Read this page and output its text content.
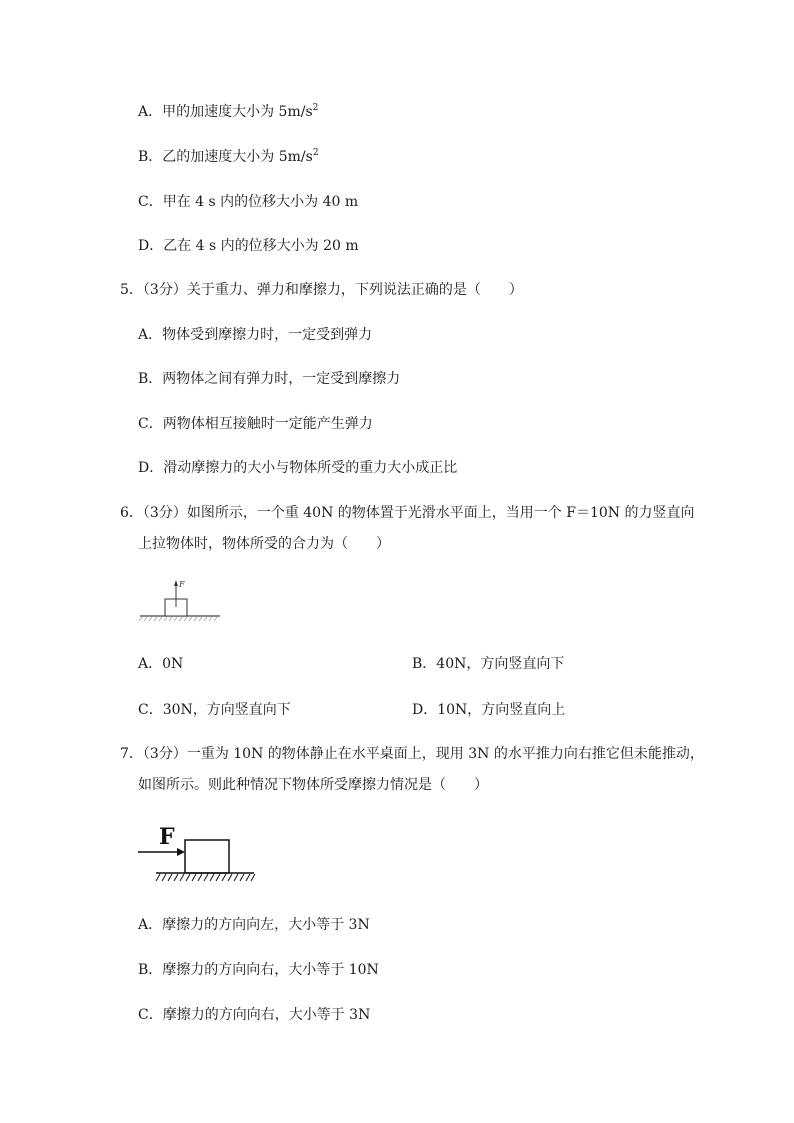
A．甲的加速度大小为 $5m/s^2$
B．乙的加速度大小为 $5m/s^2$
C．甲在 4 s 内的位移大小为 40 m
D．乙在 4 s 内的位移大小为 20 m
5．（3分）关于重力、弹力和摩擦力，下列说法正确的是（　　）
A．物体受到摩擦力时，一定受到弹力
B．两物体之间有弹力时，一定受到摩擦力
C．两物体相互接触时一定能产生弹力
D．滑动摩擦力的大小与物体所受的重力大小成正比
6．（3分）如图所示，一个重 40N 的物体置于光滑水平面上，当用一个 F＝10N 的力竖直向
上拉物体时，物体所受的合力为（　　）
F
A．0N	B．40N，方向竖直向下
C．30N，方向竖直向下	D．10N，方向竖直向上
7．（3分）一重为 10N 的物体静止在水平桌面上，现用 3N 的水平推力向右推它但未能推动，
如图所示。则此种情况下物体所受摩擦力情况是（　　）
F
A．摩擦力的方向向左，大小等于 3N
B．摩擦力的方向向右，大小等于 10N
C．摩擦力的方向向右，大小等于 3N
